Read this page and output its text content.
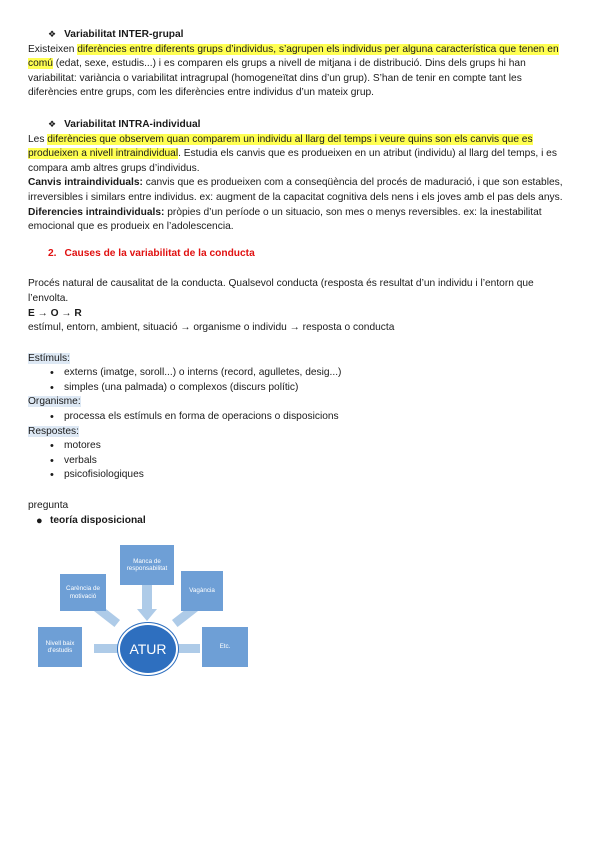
❖ Variabilitat INTER-grupal

Existeixen diferències entre diferents grups d’individus, s’agrupen els individus per alguna característica que tenen en comú (edat, sexe, estudis...) i es comparen els grups a nivell de mitjana i de distribució. Dins dels grups hi han variabilitat: variància o variabilitat intragrupal (homogeneïtat dins d’un grup). S’han de tenir en compte tant les diferències entre grups, com les diferències entre individus d’un mateix grup.

❖ Variabilitat INTRA-individual

Les diferències que observem quan comparem un individu al llarg del temps i veure quins son els canvis que es produeixen a nivell intraindividual. Estudia els canvis que es produeixen en un atribut (individu) al llarg del temps, i es compara amb altres grups d’individus.

Canvis intraindividuals: canvis que es produeixen com a conseqüència del procés de maduració, i que son estables, irreversibles i similars entre individus. ex: augment de la capacitat cognitiva dels nens i els joves amb el pas dels anys.

Diferencies intraindividuals: pròpies d’un període o un situacio, son mes o menys reversibles. ex: la inestabilitat emocional que es produeix en l’adolescencia.

2. Causes de la variabilitat de la conducta

Procés natural de causalitat de la conducta. Qualsevol conducta (resposta és resultat d’un individu i l’entorn que l’envolta.

E → O → R

estímul, entorn, ambient, situació → organisme o individu → resposta o conducta

Estímuls:

• externs (imatge, soroll...) o interns (record, agulletes, desig...)
• simples (una palmada) o complexos (discurs polític)

Organisme:

• processa els estímuls en forma de operacions o disposicions

Respostes:

• motores
• verbals
• psicofisiologiques

pregunta

● teoría disposicional

Carència de motivació
Manca de responsabilitat
Vagància
Nivell baix d'estudis
Etc.
ATUR
